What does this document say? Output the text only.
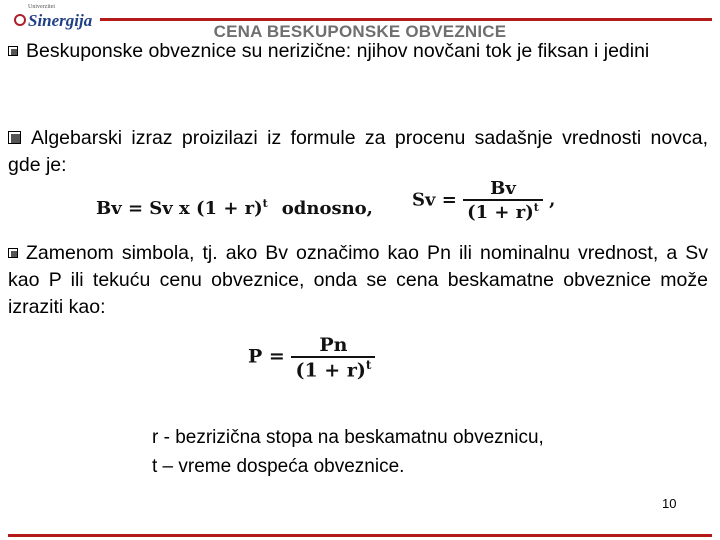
Univerzitet
Sinergija
CENA BESKUPONSKE OBVEZNICE
Beskuponske obveznice su nerizične: njihov novčani tok je fiksan i jedini
Algebarski izraz proizilazi iz formule za procenu sadašnje vrednosti novca, gde je:
Bv = Sv x $(1 + r)^t$ odnosno, $Sv = \frac{Bv}{(1 + r)^t}$ ,
Zamenom simbola, tj. ako Bv označimo kao Pn ili nominalnu vrednost, a Sv kao P ili tekuću cenu obveznice, onda se cena beskamatne obveznice može izraziti kao:
$P = \frac{Pn}{(1 + r)^t}$
r - bezrizična stopa na beskamatnu obveznicu,
t – vreme dospeća obveznice.
10
